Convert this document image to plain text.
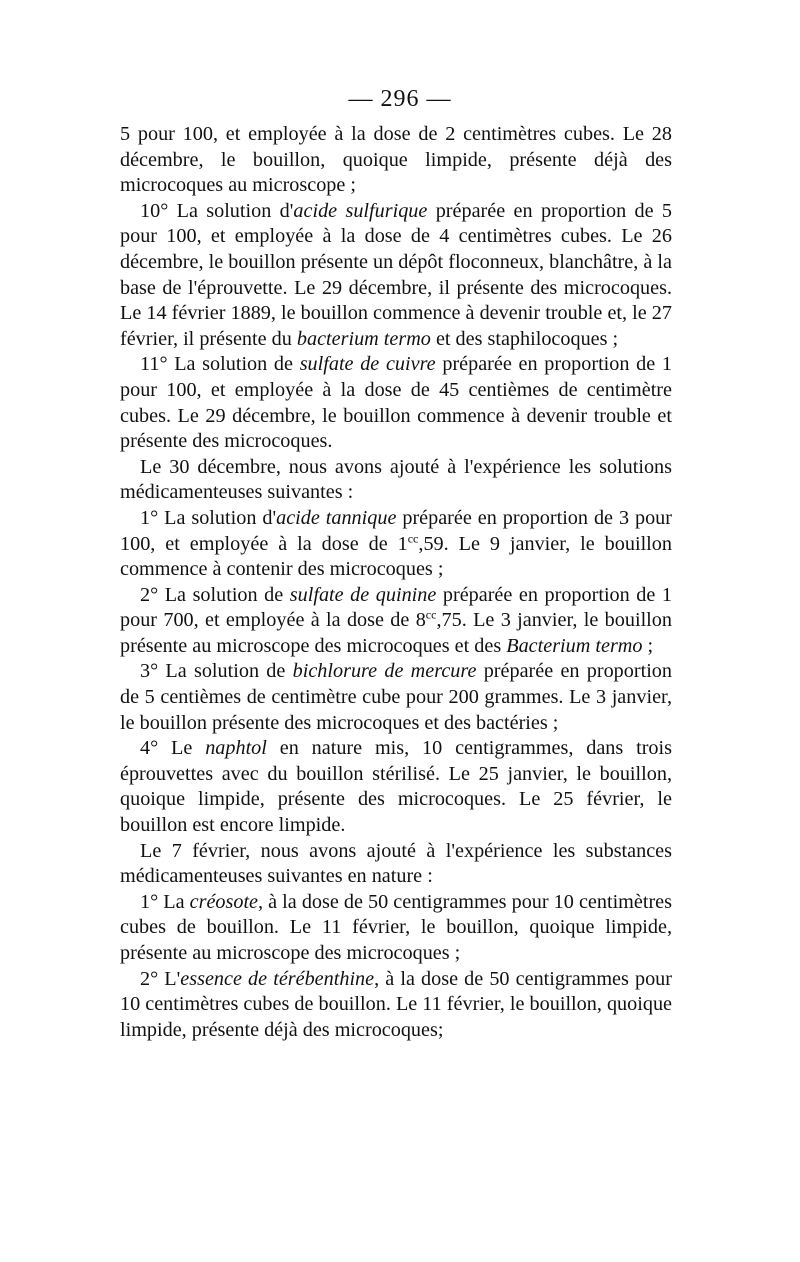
— 296 —

5 pour 100, et employée à la dose de 2 centimètres cubes. Le 28 décembre, le bouillon, quoique limpide, présente déjà des microcoques au microscope ;

10° La solution d'acide sulfurique préparée en proportion de 5 pour 100, et employée à la dose de 4 centimètres cubes. Le 26 décembre, le bouillon présente un dépôt floconneux, blanchâtre, à la base de l'éprouvette. Le 29 décembre, il présente des microcoques. Le 14 février 1889, le bouillon commence à devenir trouble et, le 27 février, il présente du bacterium termo et des staphilocoques ;

11° La solution de sulfate de cuivre préparée en proportion de 1 pour 100, et employée à la dose de 45 centièmes de centimètre cubes. Le 29 décembre, le bouillon commence à devenir trouble et présente des microcoques.

Le 30 décembre, nous avons ajouté à l'expérience les solutions médicamenteuses suivantes :

1° La solution d'acide tannique préparée en proportion de 3 pour 100, et employée à la dose de $1^{cc},59$. Le 9 janvier, le bouillon commence à contenir des microcoques ;

2° La solution de sulfate de quinine préparée en proportion de 1 pour 700, et employée à la dose de $8^{cc},75$. Le 3 janvier, le bouillon présente au microscope des microcoques et des Bacterium termo ;

3° La solution de bichlorure de mercure préparée en proportion de 5 centièmes de centimètre cube pour 200 grammes. Le 3 janvier, le bouillon présente des microcoques et des bactéries ;

4° Le naphtol en nature mis, 10 centigrammes, dans trois éprouvettes avec du bouillon stérilisé. Le 25 janvier, le bouillon, quoique limpide, présente des microcoques. Le 25 février, le bouillon est encore limpide.

Le 7 février, nous avons ajouté à l'expérience les substances médicamenteuses suivantes en nature :

1° La créosote, à la dose de 50 centigrammes pour 10 centimètres cubes de bouillon. Le 11 février, le bouillon, quoique limpide, présente au microscope des microcoques ;

2° L'essence de térébenthine, à la dose de 50 centigrammes pour 10 centimètres cubes de bouillon. Le 11 février, le bouillon, quoique limpide, présente déjà des microcoques;
